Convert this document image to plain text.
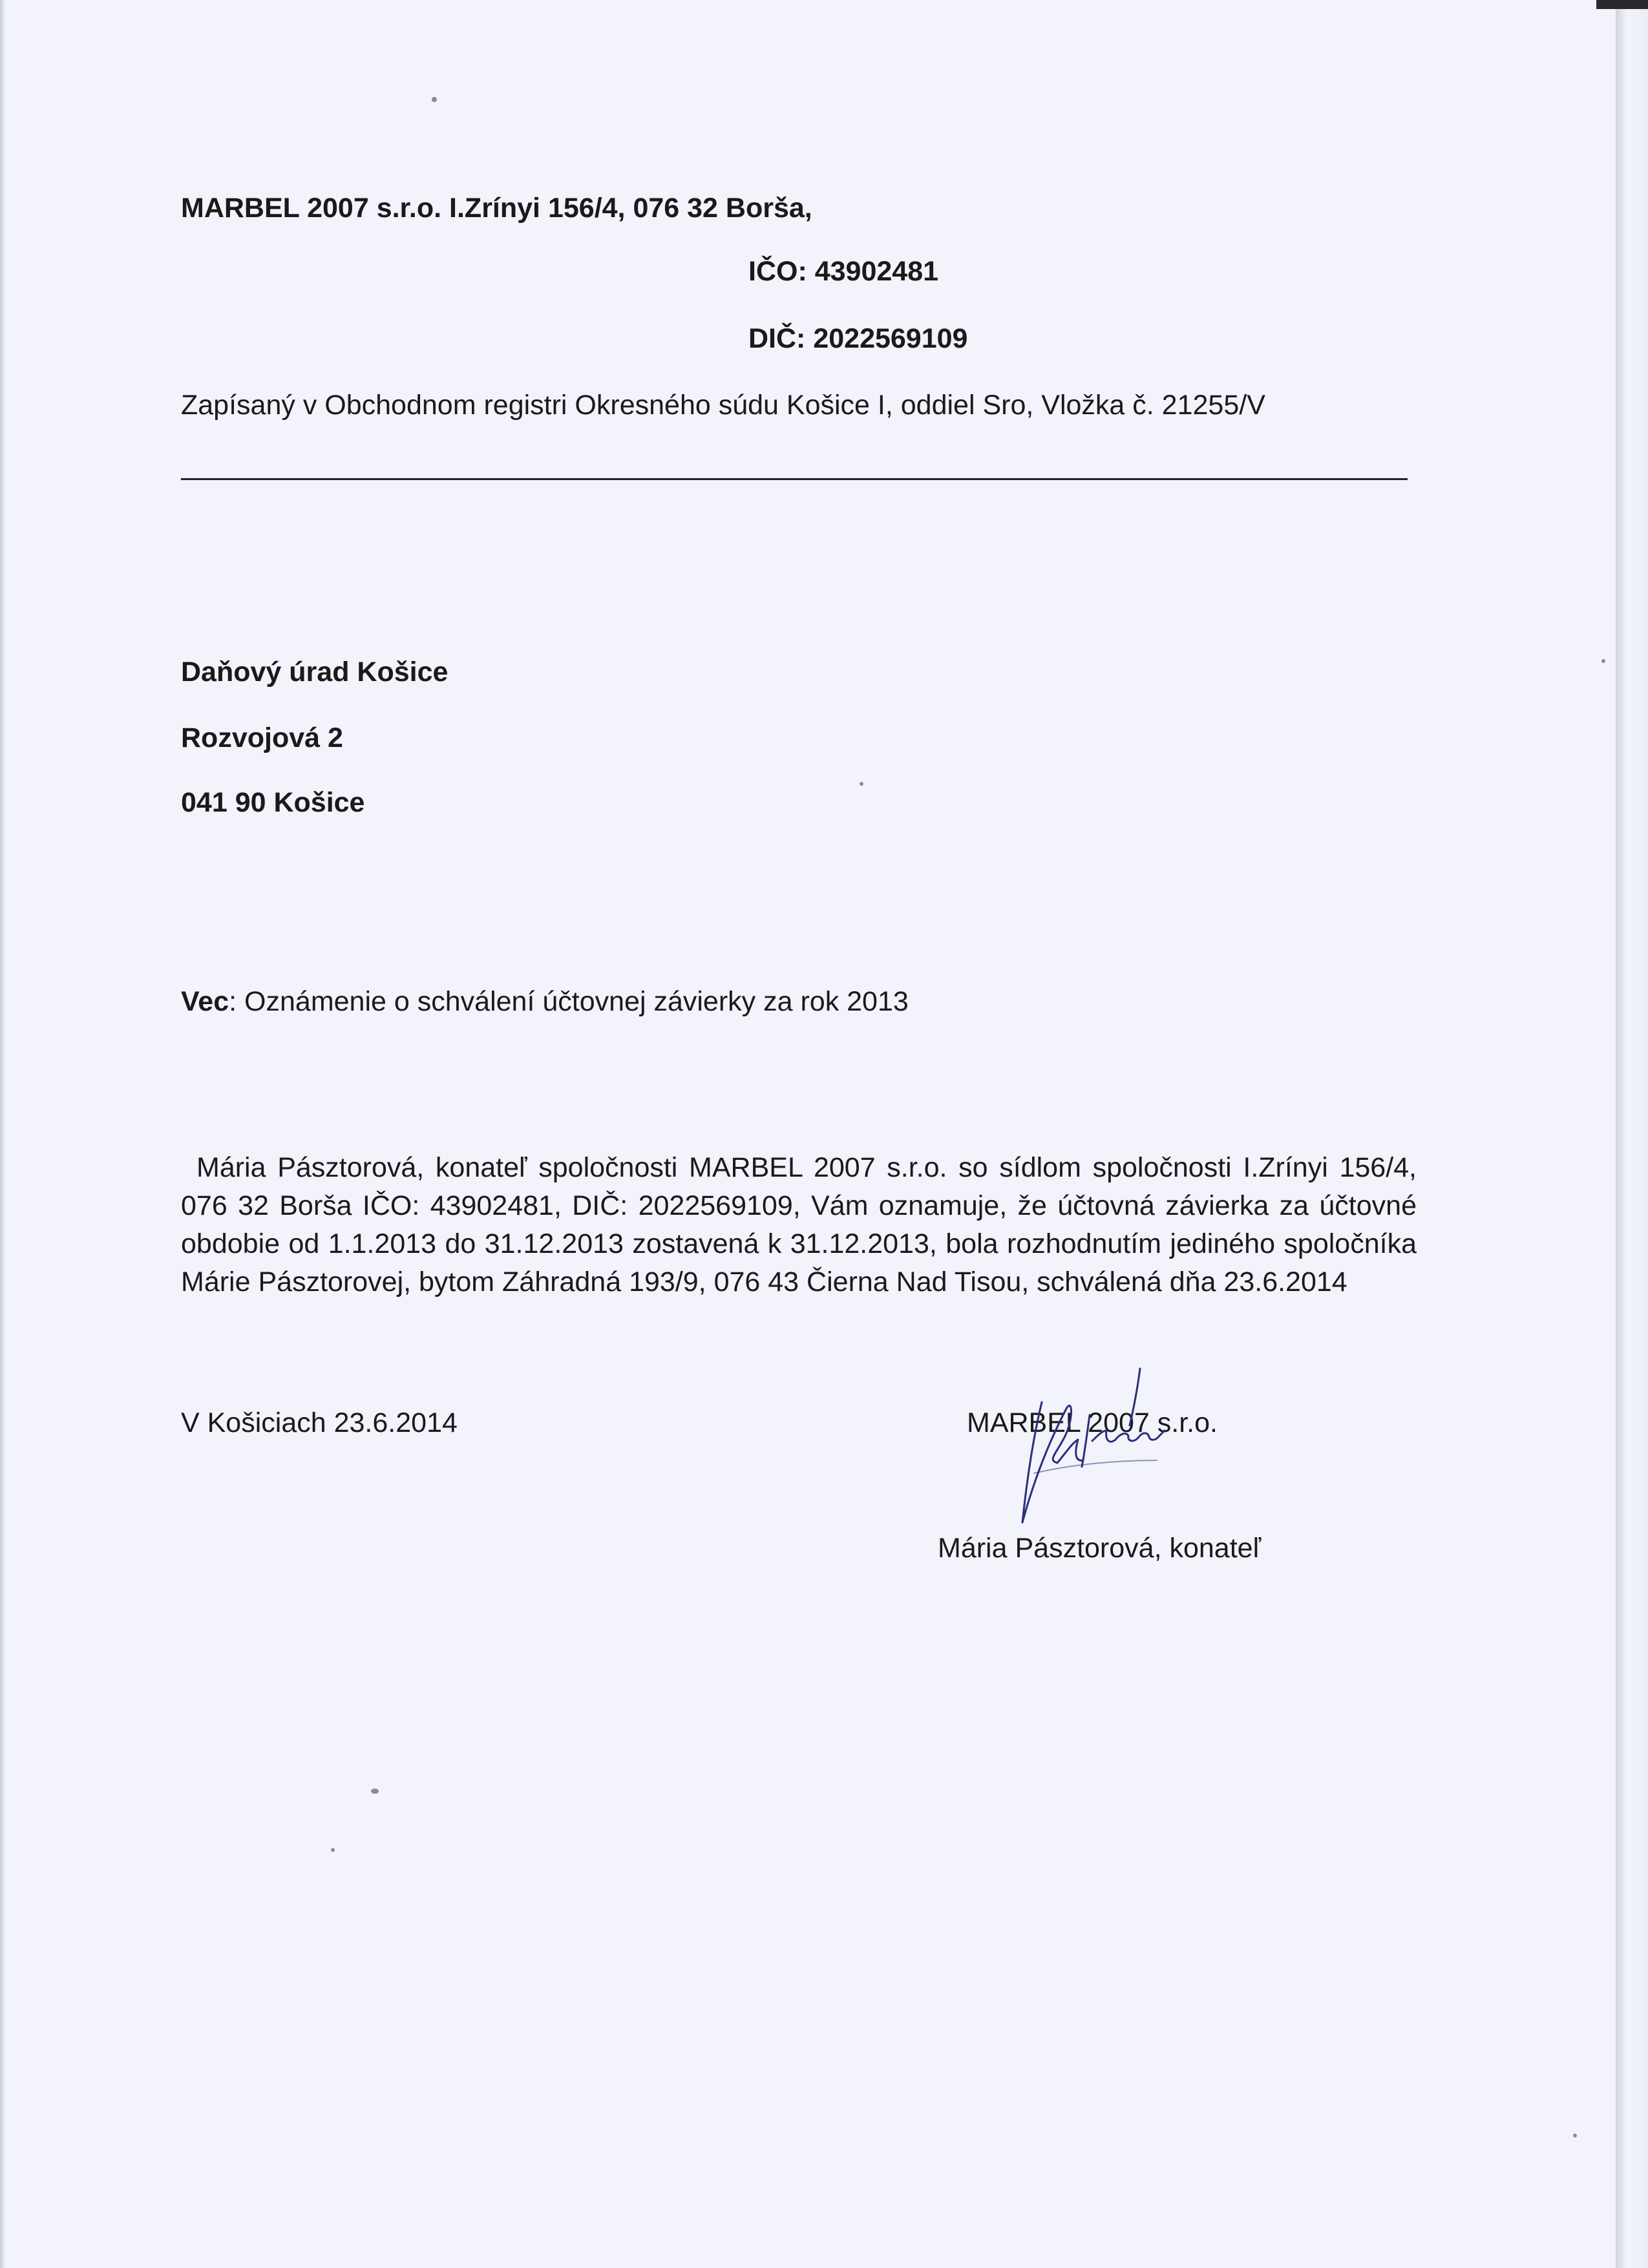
MARBEL 2007 s.r.o. I.Zrínyi 156/4, 076 32 Borša,
IČO: 43902481
DIČ: 2022569109
Zapísaný v Obchodnom registri Okresného súdu Košice I, oddiel Sro, Vložka č. 21255/V
Daňový úrad Košice
Rozvojová 2
041 90 Košice
Vec: Oznámenie o schválení účtovnej závierky za rok 2013
Mária Pásztorová, konateľ spoločnosti MARBEL 2007 s.r.o. so sídlom spoločnosti I.Zrínyi 156/4, 076 32 Borša IČO: 43902481, DIČ: 2022569109, Vám oznamuje, že účtovná závierka za účtovné obdobie od 1.1.2013 do 31.12.2013 zostavená k 31.12.2013, bola rozhodnutím jediného spoločníka Márie Pásztorovej, bytom Záhradná 193/9, 076 43 Čierna Nad Tisou, schválená dňa 23.6.2014
V Košiciach 23.6.2014	MARBEL 2007 s.r.o.
Mária Pásztorová, konateľ
